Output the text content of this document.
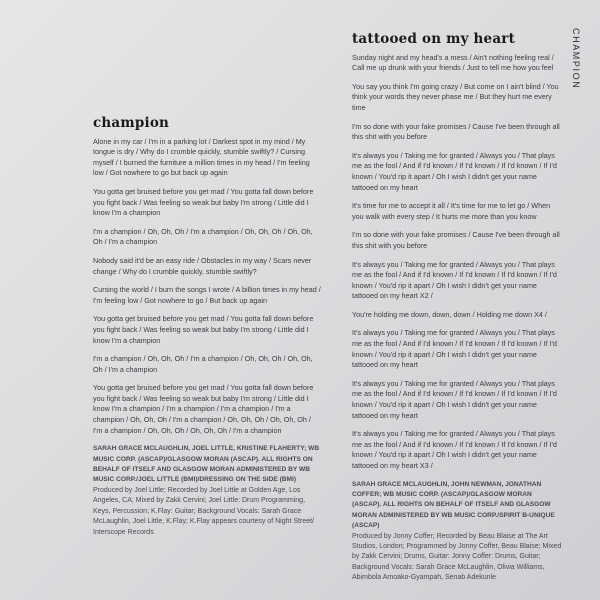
CHAMPION
champion

Alone in my car / I'm in a parking lot / Darkest spot in my mind / My tongue is dry / Why do I crumble quickly, stumble swiftly? / Cursing myself / I burned the furniture a million times in my head / I'm feeling low / Got nowhere to go but back up again

You gotta get bruised before you get mad / You gotta fall down before you fight back / Was feeling so weak but baby I'm strong / Little did I know I'm a champion

I'm a champion / Oh, Oh, Oh / I'm a champion / Oh, Oh, Oh / Oh, Oh, Oh / I'm a champion

Nobody said it'd be an easy ride / Obstacles in my way / Scars never change / Why do I crumble quickly, stumble swiftly?

Cursing the world / I burn the songs I wrote / A billion times in my head / I'm feeling low / Got nowhere to go / But back up again

You gotta get bruised before you get mad / You gotta fall down before you fight back / Was feeling so weak but baby I'm strong / Little did I know I'm a champion

I'm a champion / Oh, Oh, Oh / I'm a champion / Oh, Oh, Oh / Oh, Oh, Oh / I'm a champion

You gotta get bruised before you get mad / You gotta fall down before you fight back / Was feeling so weak but baby I'm strong / Little did I know I'm a champion / I'm a champion / I'm a champion / I'm a champion / Oh, Oh, Oh / I'm a champion / Oh, Oh, Oh / Oh, Oh, Oh / I'm a champion / Oh, Oh, Oh / Oh, Oh, Oh / I'm a champion

SARAH GRACE MCLAUGHLIN, JOEL LITTLE, KRISTINE FLAHERTY; WB MUSIC CORP. (ASCAP)/GLASGOW MORAN (ASCAP). ALL RIGHTS ON BEHALF OF ITSELF AND GLASGOW MORAN ADMINISTERED BY WB MUSIC CORP./JOEL LITTLE (BMI)/DRESSING ON THE SIDE (BMI)

Produced by Joel Little; Recorded by Joel Little at Golden Age, Los Angeles, CA; Mixed by Zakk Cervini; Joel Little: Drum Programming, Keys, Percussion; K.Flay: Guitar; Background Vocals: Sarah Grace McLaughlin, Joel Little, K.Flay; K.Flay appears courtesy of Night Street/ Interscope Records

tattooed on my heart

Sunday night and my head's a mess / Ain't nothing feeling real / Call me up drunk with your friends / Just to tell me how you feel

You say you think I'm going crazy / But come on I ain't blind / You think your words they never phase me / But they hurt me every time

I'm so done with your fake promises / Cause I've been through all this shit with you before

It's always you / Taking me for granted / Always you / That plays me as the fool / And if I'd known / If I'd known / If I'd known / If I'd known / You'd rip it apart / Oh I wish I didn't get your name tattooed on my heart

It's time for me to accept it all / It's time for me to let go / When you walk with every step / It hurts me more than you know

I'm so done with your fake promises / Cause I've been through all this shit with you before

It's always you / Taking me for granted / Always you / That plays me as the fool / And if I'd known / If I'd known / If I'd known / If I'd known / You'd rip it apart / Oh I wish I didn't get your name tattooed on my heart X2 /

You're holding me down, down, down / Holding me down X4 /

It's always you / Taking me for granted / Always you / That plays me as the fool / And if I'd known / If I'd known / If I'd known / If I'd known / You'd rip it apart / Oh I wish I didn't get your name tattooed on my heart

It's always you / Taking me for granted / Always you / That plays me as the fool / And if I'd known / If I'd known / If I'd known / If I'd known / You'd rip it apart / Oh I wish I didn't get your name tattooed on my heart

It's always you / Taking me for granted / Always you / That plays me as the fool / And if I'd known / If I'd known / If I'd known / If I'd known / You'd rip it apart / Oh I wish I didn't get your name tattooed on my heart X3 /

SARAH GRACE MCLAUGHLIN, JOHN NEWMAN, JONATHAN COFFER; WB MUSIC CORP. (ASCAP)/GLASGOW MORAN (ASCAP). ALL RIGHTS ON BEHALF OF ITSELF AND GLASGOW MORAN ADMINISTERED BY WB MUSIC CORP./SPIRIT B-UNIQUE (ASCAP)

Produced by Jonny Coffer; Recorded by Beau Blaise at The Art Studios, London; Programmed by Jonny Coffer, Beau Blaise; Mixed by Zakk Cervini; Drums, Guitar: Jonny Coffer: Drums, Guitar; Background Vocals: Sarah Grace McLaughlin, Olivia Williams, Abimbola Amoako-Gyampah, Senab Adekunle
